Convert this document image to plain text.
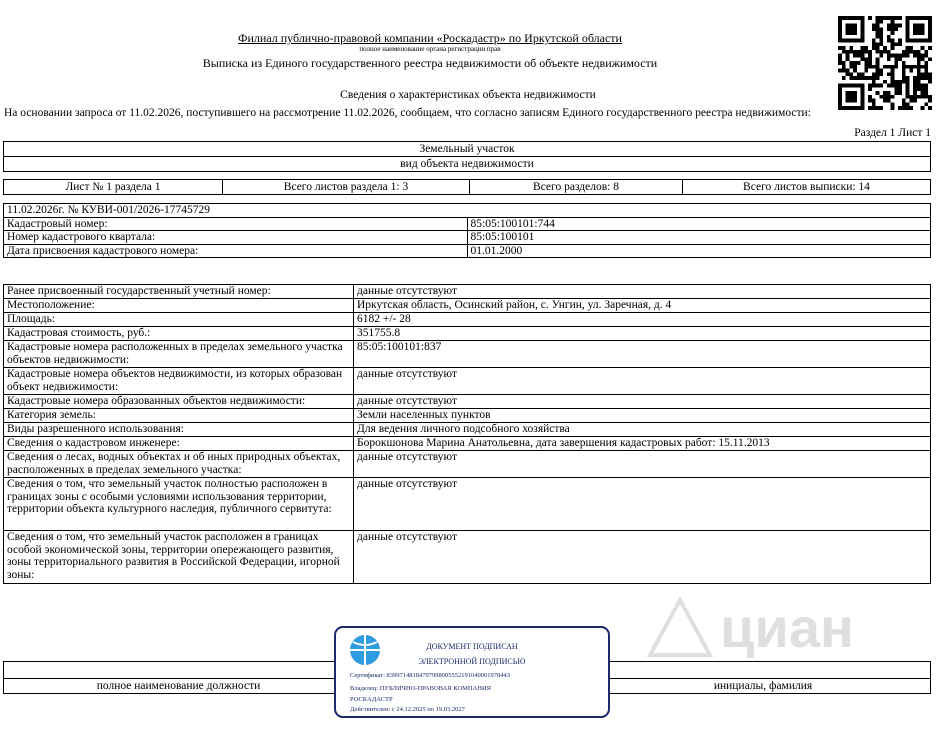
Филиал публично-правовой компании «Роскадастр» по Иркутской области
полное наименование органа регистрации прав
Выписка из Единого государственного реестра недвижимости об объекте недвижимости
Сведения о характеристиках объекта недвижимости
На основании запроса от 11.02.2026, поступившего на рассмотрение 11.02.2026, сообщаем, что согласно записям Единого государственного реестра недвижимости:
Раздел 1 Лист 1
Земельный участок
вид объекта недвижимости
Лист № 1 раздела 1	Всего листов раздела 1: 3	Всего разделов: 8	Всего листов выписки: 14
11.02.2026г. № КУВИ-001/2026-17745729	
Кадастровый номер:	85:05:100101:744
Номер кадастрового квартала:	85:05:100101
Дата присвоения кадастрового номера:	01.01.2000
Ранее присвоенный государственный учетный номер:	данные отсутствуют
Местоположение:	Иркутская область, Осинский район, с. Унгин, ул. Заречная, д. 4
Площадь:	6182 +/- 28
Кадастровая стоимость, руб.:	351755.8
Кадастровые номера расположенных в пределах земельного участка объектов недвижимости:	85:05:100101:837
Кадастровые номера объектов недвижимости, из которых образован объект недвижимости:	данные отсутствуют
Кадастровые номера образованных объектов недвижимости:	данные отсутствуют
Категория земель:	Земли населенных пунктов
Виды разрешенного использования:	Для ведения личного подсобного хозяйства
Сведения о кадастровом инженере:	Борокшонова Марина Анатольевна, дата завершения кадастровых работ: 15.11.2013
Сведения о лесах, водных объектах и об иных природных объектах, расположенных в пределах земельного участка:	данные отсутствуют
Сведения о том, что земельный участок полностью расположен в границах зоны с особыми условиями использования территории, территории объекта культурного наследия, публичного сервитута:	данные отсутствуют
Сведения о том, что земельный участок расположен в границах особой экономической зоны, территории опережающего развития, зоны территориального развития в Российской Федерации, игорной зоны:	данные отсутствуют
циан

полное наименование должности		инициалы, фамилия
ДОКУМЕНТ ПОДПИСАН
ЭЛЕКТРОННОЙ ПОДПИСЬЮ
Сертификат: 8399714818479799800555219104000197844З
Владелец: ПУБЛИЧНО-ПРАВОВАЯ КОМПАНИЯ
РОСКАДАСТР
Действителен: с 24.12.2025 по 19.03.2027
